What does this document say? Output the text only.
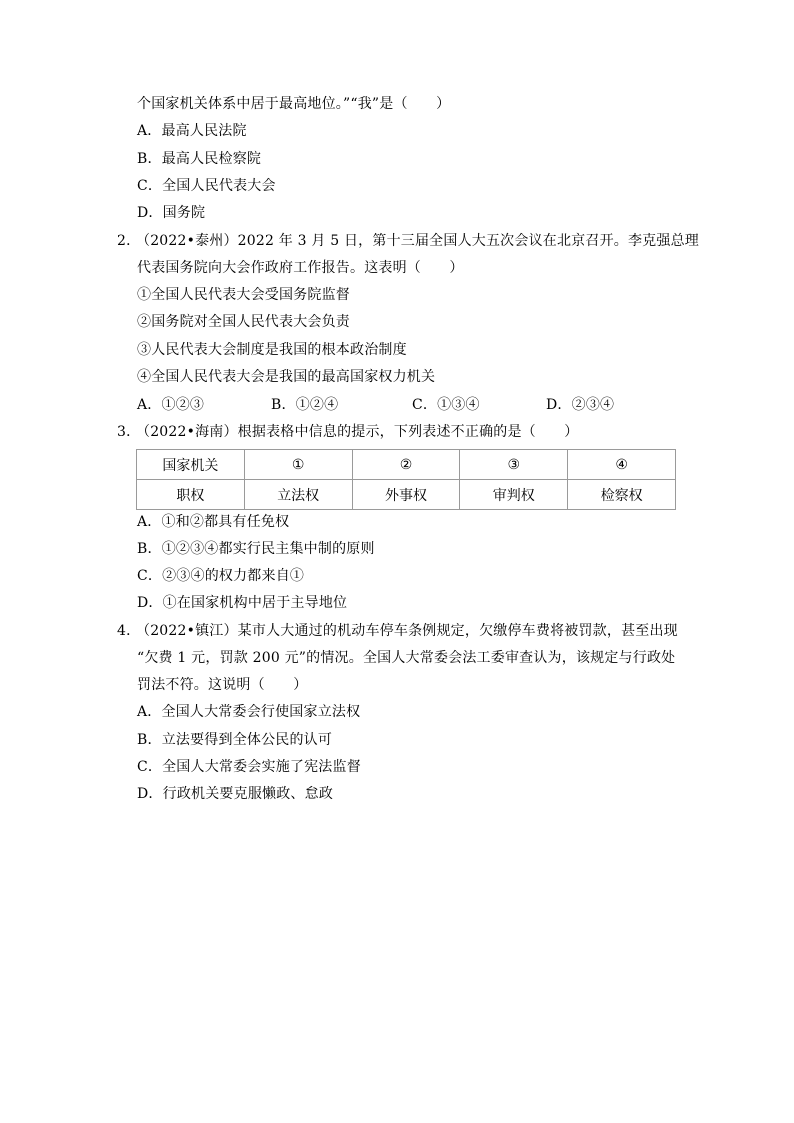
个国家机关体系中居于最高地位。”“我”是（　　）
A．最高人民法院
B．最高人民检察院
C．全国人民代表大会
D．国务院
2．
（2022•泰州）2022 年 3 月 5 日，第十三届全国人大五次会议在北京召开。李克强总理
代表国务院向大会作政府工作报告。这表明（　　）
①全国人民代表大会受国务院监督
②国务院对全国人民代表大会负责
③人民代表大会制度是我国的根本政治制度
④全国人民代表大会是我国的最高国家权力机关
A．①②③	B．①②④	C．①③④	D．②③④
3．
（2022•海南）根据表格中信息的提示，下列表述不正确的是（　　）
国家机关	①	②	③	④
职权	立法权	外事权	审判权	检察权
A．①和②都具有任免权
B．①②③④都实行民主集中制的原则
C．②③④的权力都来自①
D．①在国家机构中居于主导地位
4．
（2022•镇江）某市人大通过的机动车停车条例规定，欠缴停车费将被罚款，甚至出现
“欠费 1 元，罚款 200 元”的情况。全国人大常委会法工委审查认为，该规定与行政处
罚法不符。这说明（　　）
A．全国人大常委会行使国家立法权
B．立法要得到全体公民的认可
C．全国人大常委会实施了宪法监督
D．行政机关要克服懒政、怠政
